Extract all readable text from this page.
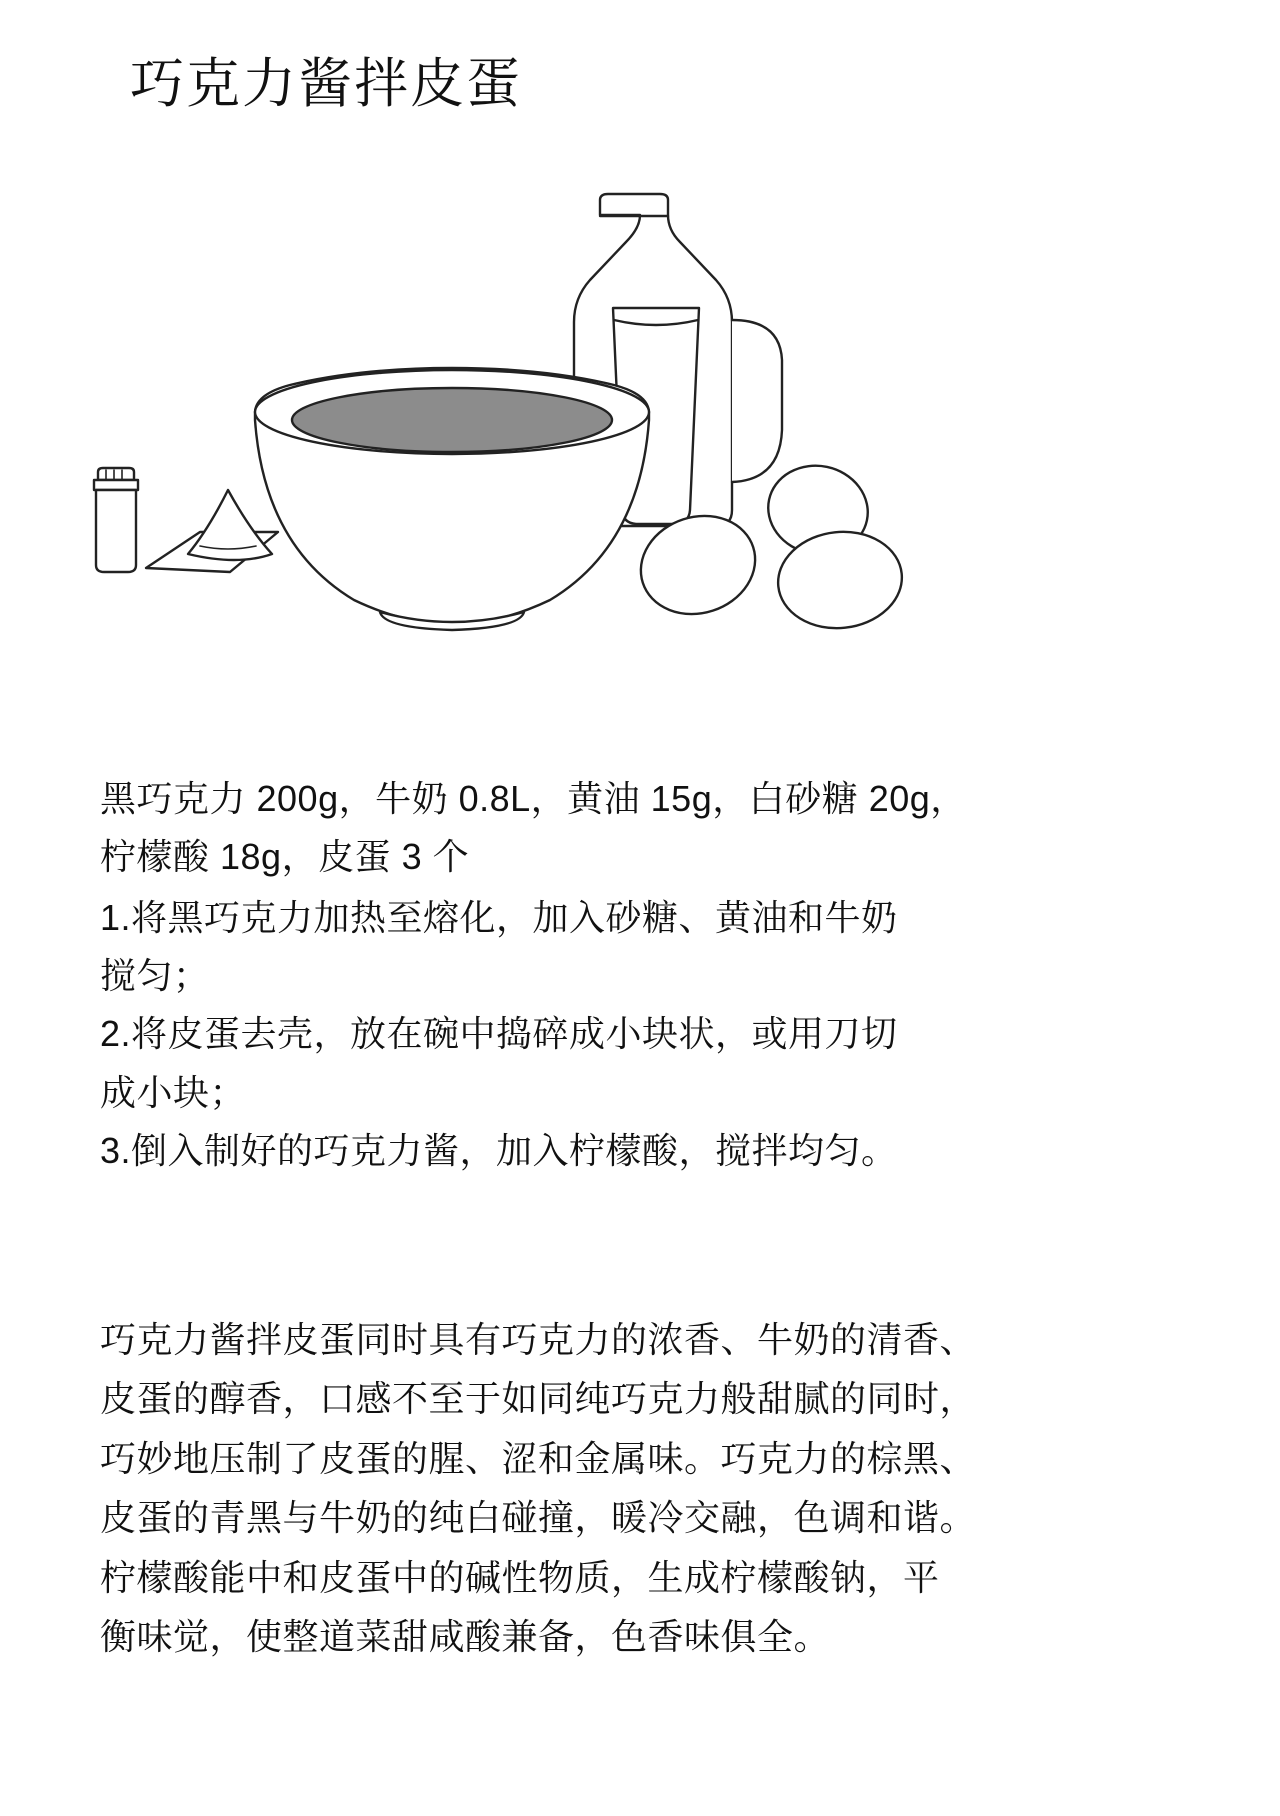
巧克力酱拌皮蛋
黑巧克力 200g，牛奶 0.8L，黄油 15g，白砂糖 20g，
柠檬酸 18g，皮蛋 3 个
1.将黑巧克力加热至熔化，加入砂糖、黄油和牛奶
搅匀；
2.将皮蛋去壳，放在碗中捣碎成小块状，或用刀切
成小块；
3.倒入制好的巧克力酱，加入柠檬酸，搅拌均匀。

巧克力酱拌皮蛋同时具有巧克力的浓香、牛奶的清香、

皮蛋的醇香，口感不至于如同纯巧克力般甜腻的同时，

巧妙地压制了皮蛋的腥、涩和金属味。巧克力的棕黑、

皮蛋的青黑与牛奶的纯白碰撞，暖冷交融，色调和谐。

柠檬酸能中和皮蛋中的碱性物质，生成柠檬酸钠，平

衡味觉，使整道菜甜咸酸兼备，色香味俱全。
